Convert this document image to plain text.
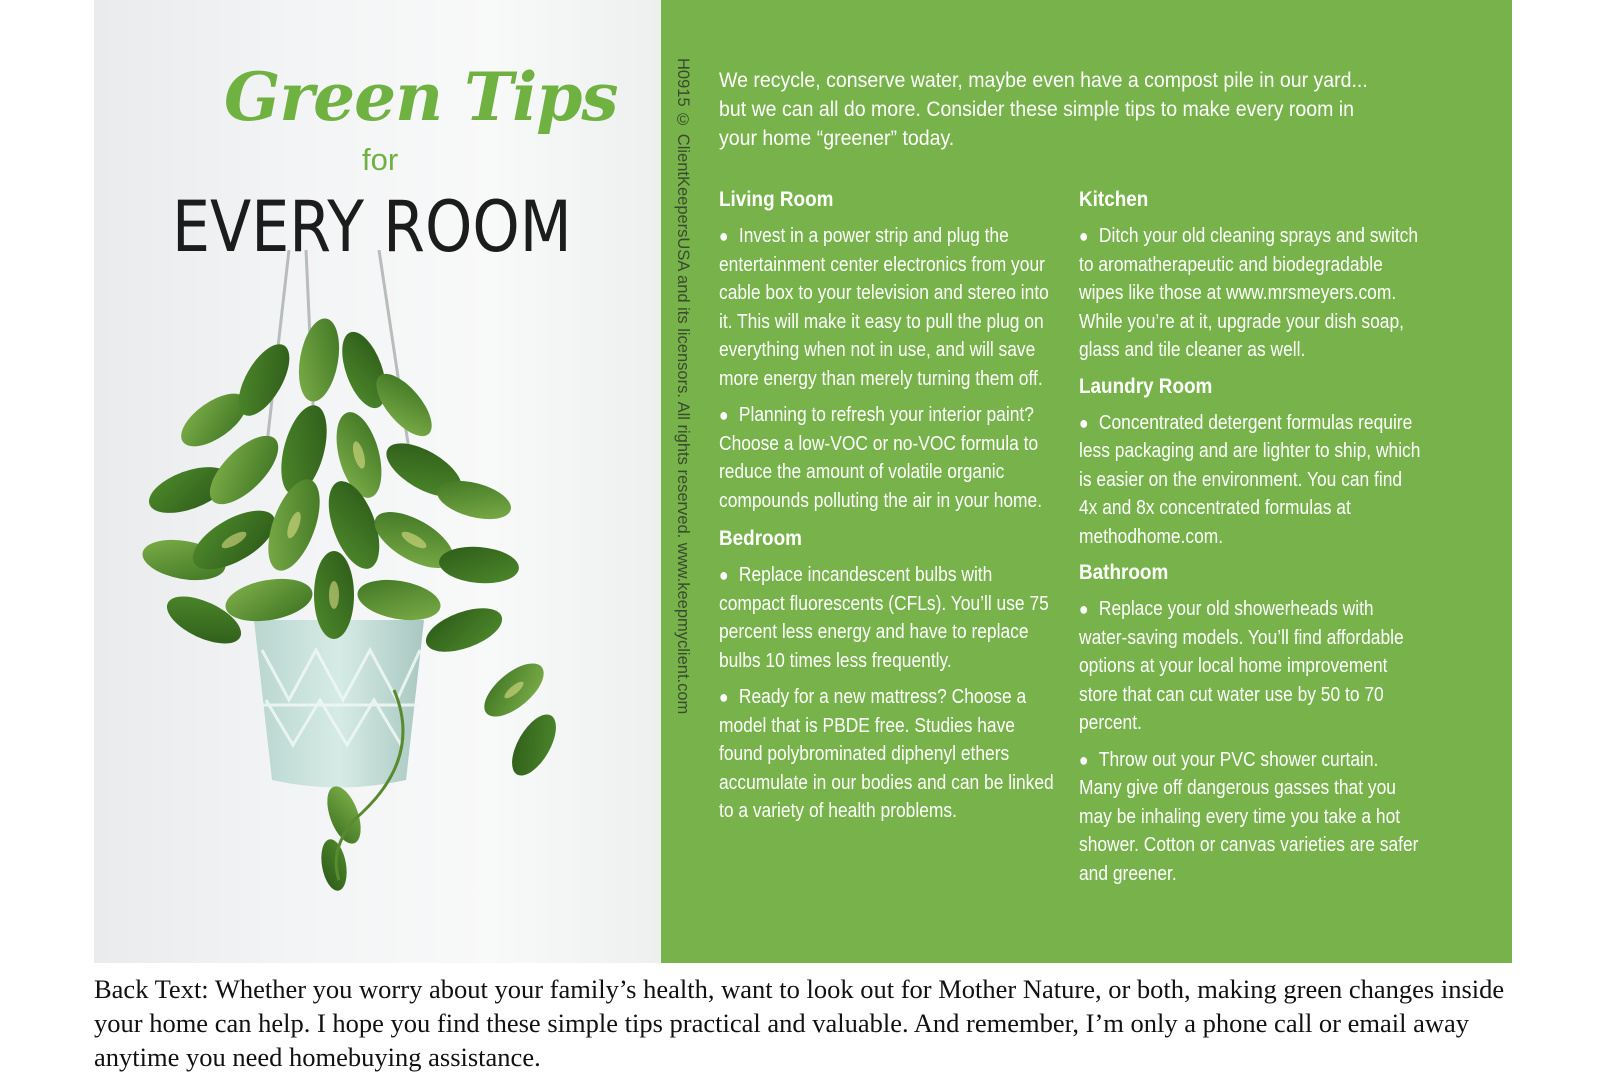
Green Tips
for
EVERY ROOM	H0915 © ClientKeepersUSA and its licensors. All rights reserved. www.keepmyclient.com We recycle, conserve water, maybe even have a compost pile in our yard... but we can all do more. Consider these simple tips to make every room in your home “greener” today.
Living Room
● Invest in a power strip and plug the entertainment center electronics from your cable box to your television and stereo into it. This will make it easy to pull the plug on everything when not in use, and will save more energy than merely turning them off.
● Planning to refresh your interior paint? Choose a low-VOC or no-VOC formula to reduce the amount of volatile organic compounds polluting the air in your home.
Bedroom
● Replace incandescent bulbs with compact fluorescents (CFLs). You’ll use 75 percent less energy and have to replace bulbs 10 times less frequently.
● Ready for a new mattress? Choose a model that is PBDE free. Studies have found polybrominated diphenyl ethers accumulate in our bodies and can be linked to a variety of health problems.
Kitchen
● Ditch your old cleaning sprays and switch to aromatherapeutic and biodegradable wipes like those at www.mrsmeyers.com. While you’re at it, upgrade your dish soap, glass and tile cleaner as well.
Laundry Room
● Concentrated detergent formulas require less packaging and are lighter to ship, which is easier on the environment. You can find 4x and 8x concentrated formulas at methodhome.com.
Bathroom
● Replace your old showerheads with water-saving models. You’ll find affordable options at your local home improvement store that can cut water use by 50 to 70 percent.
● Throw out your PVC shower curtain. Many give off dangerous gasses that you may be inhaling every time you take a hot shower. Cotton or canvas varieties are safer and greener.
Back Text: Whether you worry about your family’s health, want to look out for Mother Nature, or both, making green changes inside your home can help. I hope you find these simple tips practical and valuable. And remember, I’m only a phone call or email away anytime you need homebuying assistance.
